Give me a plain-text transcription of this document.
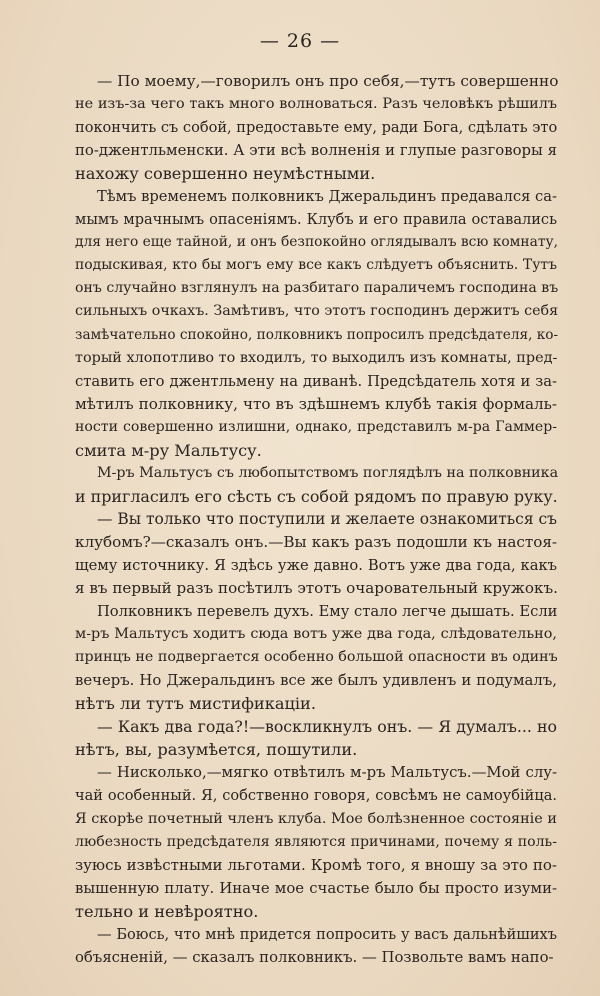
— 26 —
— По моему,—говорилъ онъ про себя,—тутъ совершенно
не изъ-за чего такъ много волноваться. Разъ человѣкъ рѣшилъ
покончить съ собой, предоставьте ему, ради Бога, сдѣлать это
по-джентльменски. А эти всѣ волненія и глупые разговоры я
нахожу совершенно неумѣстными.
Тѣмъ временемъ полковникъ Джеральдинъ предавался са-
мымъ мрачнымъ опасеніямъ. Клубъ и его правила оставались
для него еще тайной, и онъ безпокойно оглядывалъ всю комнату,
подыскивая, кто бы могъ ему все какъ слѣдуетъ объяснить. Тутъ
онъ случайно взглянулъ на разбитаго параличемъ господина въ
сильныхъ очкахъ. Замѣтивъ, что этотъ господинъ держитъ себя
замѣчательно спокойно, полковникъ попросилъ предсѣдателя, ко-
торый хлопотливо то входилъ, то выходилъ изъ комнаты, пред-
ставить его джентльмену на диванѣ. Предсѣдатель хотя и за-
мѣтилъ полковнику, что въ здѣшнемъ клубѣ такія формаль-
ности совершенно излишни, однако, представилъ м-ра Гаммер-
смита м-ру Мальтусу.
М-ръ Мальтусъ съ любопытствомъ поглядѣлъ на полковника
и пригласилъ его сѣсть съ собой рядомъ по правую руку.
— Вы только что поступили и желаете ознакомиться съ
клубомъ?—сказалъ онъ.—Вы какъ разъ подошли къ настоя-
щему источнику. Я здѣсь уже давно. Вотъ уже два года, какъ
я въ первый разъ посѣтилъ этотъ очаровательный кружокъ.
Полковникъ перевелъ духъ. Ему стало легче дышать. Если
м-ръ Мальтусъ ходитъ сюда вотъ уже два года, слѣдовательно,
принцъ не подвергается особенно большой опасности въ одинъ
вечеръ. Но Джеральдинъ все же былъ удивленъ и подумалъ,
нѣтъ ли тутъ мистификаціи.
— Какъ два года?!—воскликнулъ онъ. — Я думалъ... но
нѣтъ, вы, разумѣется, пошутили.
— Нисколько,—мягко отвѣтилъ м-ръ Мальтусъ.—Мой слу-
чай особенный. Я, собственно говоря, совсѣмъ не самоубійца.
Я скорѣе почетный членъ клуба. Мое болѣзненное состояніе и
любезность предсѣдателя являются причинами, почему я поль-
зуюсь извѣстными льготами. Кромѣ того, я вношу за это по-
вышенную плату. Иначе мое счастье было бы просто изуми-
тельно и невѣроятно.
— Боюсь, что мнѣ придется попросить у васъ дальнѣйшихъ
объясненій, — сказалъ полковникъ. — Позвольте вамъ напо-
